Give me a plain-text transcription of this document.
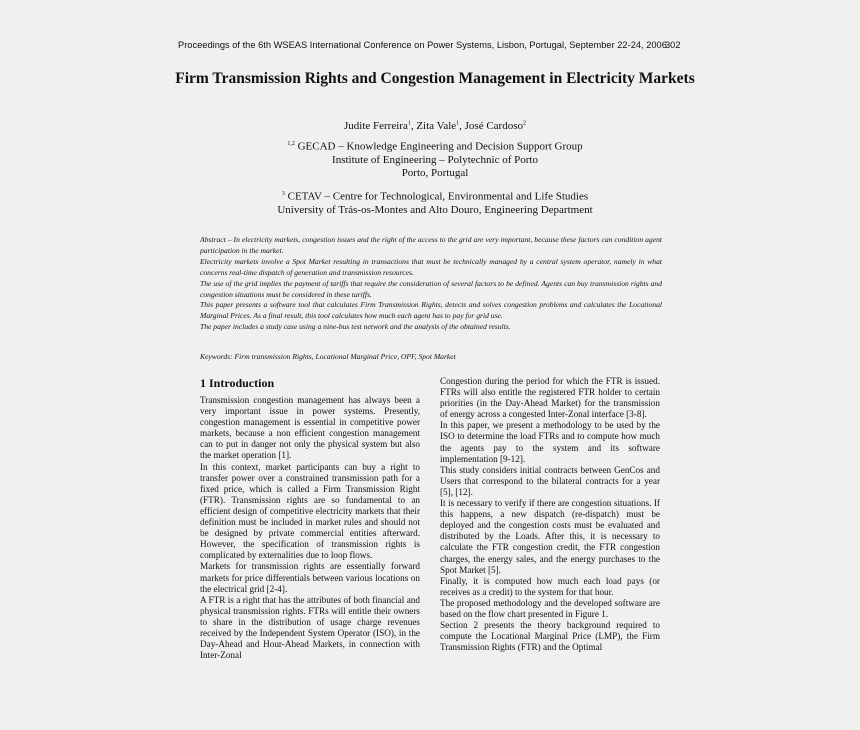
Proceedings of the 6th WSEAS International Conference on Power Systems, Lisbon, Portugal, September 22-24, 2006
302
Firm Transmission Rights and Congestion Management in Electricity Markets
Judite Ferreira$^1$, Zita Vale$^1$, José Cardoso$^2$
$^{1,2}$ GECAD – Knowledge Engineering and Decision Support Group
Institute of Engineering – Polytechnic of Porto
Porto, Portugal
$^3$ CETAV – Centre for Technological, Environmental and Life Studies
University of Trás-os-Montes and Alto Douro, Engineering Department
Abstract – In electricity markets, congestion issues and the right of the access to the grid are very important, because these factors can condition agent participation in the market.
Electricity markets involve a Spot Market resulting in transactions that must be technically managed by a central system operator, namely in what concerns real-time dispatch of generation and transmission resources.
The use of the grid implies the payment of tariffs that require the consideration of several factors to be defined. Agents can buy transmission rights and congestion situations must be considered in these tariffs.
This paper presents a software tool that calculates Firm Transmission Rights, detects and solves congestion problems and calculates the Locational Marginal Prices. As a final result, this tool calculates how much each agent has to pay for grid use.
The paper includes a study case using a nine-bus test network and the analysis of the obtained results.
Keywords: Firm transmission Rights, Locational Marginal Price, OPF, Spot Market
1 Introduction
Transmission congestion management has always been a very important issue in power systems. Presently, congestion management is essential in competitive power markets, because a non efficient congestion management can to put in danger not only the physical system but also the market operation [1].
In this context, market participants can buy a right to transfer power over a constrained transmission path for a fixed price, which is called a Firm Transmission Right (FTR). Transmission rights are so fundamental to an efficient design of competitive electricity markets that their definition must be included in market rules and should not be designed by private commercial entities afterward. However, the specification of transmission rights is complicated by externalities due to loop flows.
Markets for transmission rights are essentially forward markets for price differentials between various locations on the electrical grid [2-4].
A FTR is a right that has the attributes of both financial and physical transmission rights. FTRs will entitle their owners to share in the distribution of usage charge revenues received by the Independent System Operator (ISO), in the Day-Ahead and Hour-Ahead Markets, in connection with Inter-Zonal
Congestion during the period for which the FTR is issued. FTRs will also entitle the registered FTR holder to certain priorities (in the Day-Ahead Market) for the transmission of energy across a congested Inter-Zonal interface [3-8].
In this paper, we present a methodology to be used by the ISO to determine the load FTRs and to compute how much the agents pay to the system and its software implementation [9-12].
This study considers initial contracts between GenCos and Users that correspond to the bilateral contracts for a year [5], [12].
It is necessary to verify if there are congestion situations. If this happens, a new dispatch (re-dispatch) must be deployed and the congestion costs must be evaluated and distributed by the Loads. After this, it is necessary to calculate the FTR congestion credit, the FTR congestion charges, the energy sales, and the energy purchases to the Spot Market [5].
Finally, it is computed how much each load pays (or receives as a credit) to the system for that hour.
The proposed methodology and the developed software are based on the flow chart presented in Figure 1.
Section 2 presents the theory background required to compute the Locational Marginal Price (LMP), the Firm Transmission Rights (FTR) and the Optimal
